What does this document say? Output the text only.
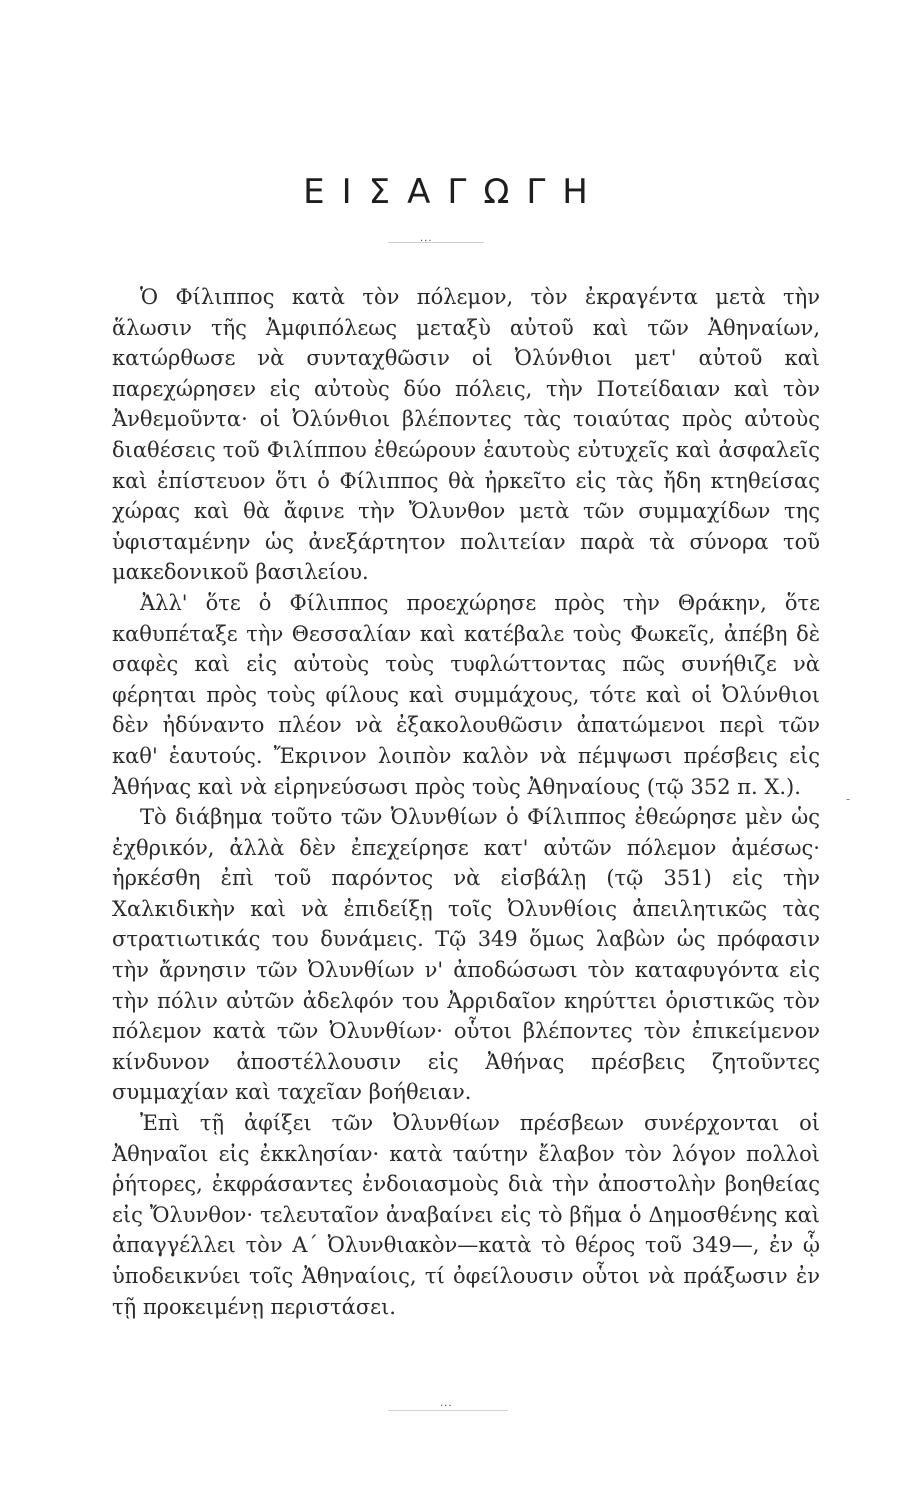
ΕΙΣΑΓΩΓΗ
···

Ὁ Φίλιππος κατὰ τὸν πόλεμον, τὸν ἐκραγέντα μετὰ τὴν ἅλωσιν τῆς Ἀμφιπόλεως μεταξὺ αὐτοῦ καὶ τῶν Ἀθηναίων, κατώρθωσε νὰ συνταχθῶσιν οἱ Ὀλύνθιοι μετ' αὐτοῦ καὶ παρεχώρησεν εἰς αὐτοὺς δύο πόλεις, τὴν Ποτείδαιαν καὶ τὸν Ἀνθεμοῦντα· οἱ Ὀλύνθιοι βλέποντες τὰς τοιαύτας πρὸς αὐτοὺς διαθέσεις τοῦ Φιλίππου ἐθεώρουν ἑαυτοὺς εὐτυχεῖς καὶ ἀσφαλεῖς καὶ ἐπίστευον ὅτι ὁ Φίλιππος θὰ ἠρκεῖτο εἰς τὰς ἤδη κτηθείσας χώρας καὶ θὰ ἄφινε τὴν Ὄλυνθον μετὰ τῶν συμμαχίδων της ὑφισταμένην ὡς ἀνεξάρτητον πολιτείαν παρὰ τὰ σύνορα τοῦ μακεδονικοῦ βασιλείου.

Ἀλλ' ὅτε ὁ Φίλιππος προεχώρησε πρὸς τὴν Θράκην, ὅτε καθυπέταξε τὴν Θεσσαλίαν καὶ κατέβαλε τοὺς Φωκεῖς, ἀπέβη δὲ σαφὲς καὶ εἰς αὐτοὺς τοὺς τυφλώττοντας πῶς συνήθιζε νὰ φέρηται πρὸς τοὺς φίλους καὶ συμμάχους, τότε καὶ οἱ Ὀλύνθιοι δὲν ἠδύναντο πλέον νὰ ἐξακολουθῶσιν ἀπατώμενοι περὶ τῶν καθ' ἑαυτούς. Ἔκρινον λοιπὸν καλὸν νὰ πέμψωσι πρέσβεις εἰς Ἀθήνας καὶ νὰ εἰρηνεύσωσι πρὸς τοὺς Ἀθηναίους (τῷ 352 π. Χ.).

Τὸ διάβημα τοῦτο τῶν Ὀλυνθίων ὁ Φίλιππος ἐθεώρησε μὲν ὡς ἐχθρικόν, ἀλλὰ δὲν ἐπεχείρησε κατ' αὐτῶν πόλεμον ἀμέσως· ἠρκέσθη ἐπὶ τοῦ παρόντος νὰ εἰσβάλῃ (τῷ 351) εἰς τὴν Χαλκιδικὴν καὶ νὰ ἐπιδείξῃ τοῖς Ὀλυνθίοις ἀπειλητικῶς τὰς στρατιωτικάς του δυνάμεις. Τῷ 349 ὅμως λαβὼν ὡς πρόφασιν τὴν ἄρνησιν τῶν Ὀλυνθίων ν' ἀποδώσωσι τὸν καταφυγόντα εἰς τὴν πόλιν αὐτῶν ἀδελφόν του Ἀρριδαῖον κηρύττει ὁριστικῶς τὸν πόλεμον κατὰ τῶν Ὀλυνθίων· οὗτοι βλέποντες τὸν ἐπικείμενον κίνδυνον ἀποστέλλουσιν εἰς Ἀθήνας πρέσβεις ζητοῦντες συμμαχίαν καὶ ταχεῖαν βοήθειαν.

Ἐπὶ τῇ ἀφίξει τῶν Ὀλυνθίων πρέσβεων συνέρχονται οἱ Ἀθηναῖοι εἰς ἐκκλησίαν· κατὰ ταύτην ἔλαβον τὸν λόγον πολλοὶ ῥήτορες, ἐκφράσαντες ἐνδοιασμοὺς διὰ τὴν ἀποστολὴν βοηθείας εἰς Ὄλυνθον· τελευταῖον ἀναβαίνει εἰς τὸ βῆμα ὁ Δημοσθένης καὶ ἀπαγγέλλει τὸν Α΄ Ὀλυνθιακὸν—κατὰ τὸ θέρος τοῦ 349—, ἐν ᾧ ὑποδεικνύει τοῖς Ἀθηναίοις, τί ὀφείλουσιν οὗτοι νὰ πράξωσιν ἐν τῇ προκειμένῃ περιστάσει.

‑
···
